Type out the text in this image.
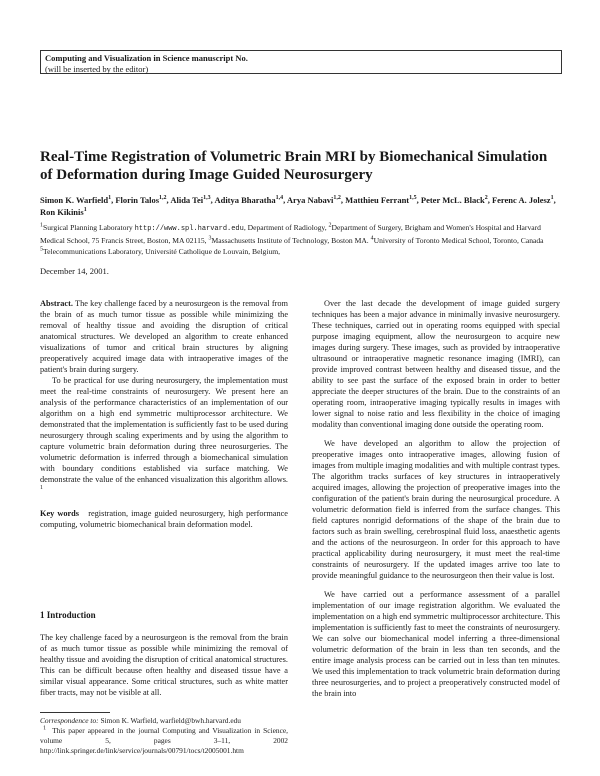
Computing and Visualization in Science manuscript No.
(will be inserted by the editor)
Real-Time Registration of Volumetric Brain MRI by Biomechanical Simulation of Deformation during Image Guided Neurosurgery
Simon K. Warfield$^1$, Florin Talos$^{1,2}$, Alida Tei$^{1,3}$, Aditya Bharatha$^{1,4}$, Arya Nabavi$^{1,2}$, Matthieu Ferrant$^{1,5}$, Peter McL. Black$^2$, Ferenc A. Jolesz$^1$, Ron Kikinis$^1$
$^1$Surgical Planning Laboratory http://www.spl.harvard.edu, Department of Radiology, $^2$Department of Surgery, Brigham and Women's Hospital and Harvard Medical School, 75 Francis Street, Boston, MA 02115, $^3$Massachusetts Institute of Technology, Boston MA. $^4$University of Toronto Medical School, Toronto, Canada $^5$Telecommunications Laboratory, Université Catholique de Louvain, Belgium,
December 14, 2001.

Abstract. The key challenge faced by a neurosurgeon is the removal from the brain of as much tumor tissue as possible while minimizing the removal of healthy tissue and avoiding the disruption of critical anatomical structures. We developed an algorithm to create enhanced visualizations of tumor and critical brain structures by aligning preoperatively acquired image data with intraoperative images of the patient's brain during surgery.

To be practical for use during neurosurgery, the implementation must meet the real-time constraints of neurosurgery. We present here an analysis of the performance characteristics of an implementation of our algorithm on a high end symmetric multiprocessor architecture. We demonstrated that the implementation is sufficiently fast to be used during neurosurgery through scaling experiments and by using the algorithm to capture volumetric brain deformation during three neurosurgeries. The volumetric deformation is inferred through a biomechanical simulation with boundary conditions established via surface matching. We demonstrate the value of the enhanced visualization this algorithm allows. $^1$

Key words registration, image guided neurosurgery, high performance computing, volumetric biomechanical brain deformation model.

1 Introduction

The key challenge faced by a neurosurgeon is the removal from the brain of as much tumor tissue as possible while minimizing the removal of healthy tissue and avoiding the disruption of critical anatomical structures. This can be difficult because often healthy and diseased tissue have a similar visual appearance. Some critical structures, such as white matter fiber tracts, may not be visible at all.

Correspondence to: Simon K. Warfield, warfield@bwh.harvard.edu

$^1$ This paper appeared in the journal Computing and Visualization in Science, volume 5, pages 3–11, 2002 http://link.springer.de/link/service/journals/00791/tocs/t2005001.htm

Over the last decade the development of image guided surgery techniques has been a major advance in minimally invasive neurosurgery. These techniques, carried out in operating rooms equipped with special purpose imaging equipment, allow the neurosurgeon to acquire new images during surgery. These images, such as provided by intraoperative ultrasound or intraoperative magnetic resonance imaging (IMRI), can provide improved contrast between healthy and diseased tissue, and the ability to see past the surface of the exposed brain in order to better appreciate the deeper structures of the brain. Due to the constraints of an operating room, intraoperative imaging typically results in images with lower signal to noise ratio and less flexibility in the choice of imaging modality than conventional imaging done outside the operating room.

We have developed an algorithm to allow the projection of preoperative images onto intraoperative images, allowing fusion of images from multiple imaging modalities and with multiple contrast types. The algorithm tracks surfaces of key structures in intraoperatively acquired images, allowing the projection of preoperative images into the configuration of the patient's brain during the neurosurgical procedure. A volumetric deformation field is inferred from the surface changes. This field captures nonrigid deformations of the shape of the brain due to factors such as brain swelling, cerebrospinal fluid loss, anaesthetic agents and the actions of the neurosurgeon. In order for this approach to have practical applicability during neurosurgery, it must meet the real-time constraints of neurosurgery. If the updated images arrive too late to provide meaningful guidance to the neurosurgeon then their value is lost.

We have carried out a performance assessment of a parallel implementation of our image registration algorithm. We evaluated the implementation on a high end symmetric multiprocessor architecture. This implementation is sufficiently fast to meet the constraints of neurosurgery. We can solve our biomechanical model inferring a three-dimensional volumetric deformation of the brain in less than ten seconds, and the entire image analysis process can be carried out in less than ten minutes. We used this implementation to track volumetric brain deformation during three neurosurgeries, and to project a preoperatively constructed model of the brain into
